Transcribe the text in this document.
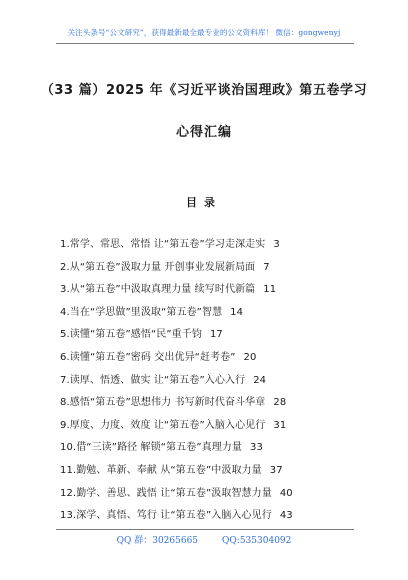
关注头条号“公文研究”，获得最新最全最专业的公文资料库！ 微信：gongwenyj
（33 篇）2025 年《习近平谈治国理政》第五卷学习
心得汇编
目录
1.常学、常思、常悟 让“第五卷”学习走深走实 3
2.从“第五卷”汲取力量 开创事业发展新局面 7
3.从“第五卷”中汲取真理力量 续写时代新篇 11
4.当在“学思做”里汲取“第五卷”智慧 14
5.读懂“第五卷”感悟“民”重千钧 17
6.读懂“第五卷”密码 交出优异“赶考卷” 20
7.读厚、悟透、做实 让“第五卷”入心入行 24
8.感悟“第五卷”思想伟力 书写新时代奋斗华章 28
9.厚度、力度、效度 让“第五卷”入脑入心见行 31
10.借“三读”路径 解锁“第五卷”真理力量 33
11.勤勉、革新、奉献 从“第五卷”中汲取力量 37
12.勤学、善思、践悟 让“第五卷”汲取智慧力量 40
13.深学、真悟、笃行 让“第五卷”入脑入心见行 43
QQ 群：30265665	QQ:535304092
